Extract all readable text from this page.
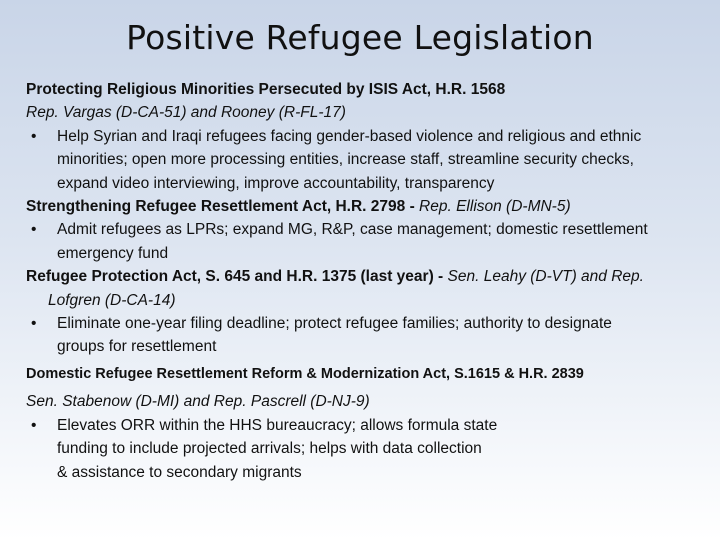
Positive Refugee Legislation
Protecting Religious Minorities Persecuted by ISIS Act, H.R. 1568
Rep. Vargas (D-CA-51) and Rooney (R-FL-17)
• Help Syrian and Iraqi refugees facing gender-based violence and religious and ethnic
minorities; open more processing entities, increase staff, streamline security checks,
expand video interviewing, improve accountability, transparency
Strengthening Refugee Resettlement Act, H.R. 2798 - Rep. Ellison (D-MN-5)
• Admit refugees as LPRs; expand MG, R&P, case management; domestic resettlement
emergency fund
Refugee Protection Act, S. 645 and H.R. 1375 (last year) - Sen. Leahy (D-VT) and Rep.
Lofgren (D-CA-14)
• Eliminate one-year filing deadline; protect refugee families; authority to designate
groups for resettlement
Domestic Refugee Resettlement Reform & Modernization Act, S.1615 & H.R. 2839
Sen. Stabenow (D-MI) and Rep. Pascrell (D-NJ-9)
• Elevates ORR within the HHS bureaucracy; allows formula state
funding to include projected arrivals; helps with data collection
& assistance to secondary migrants
